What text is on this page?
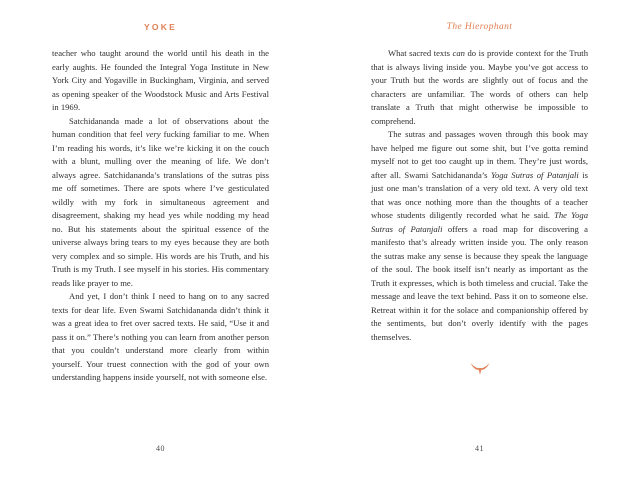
YOKE

teacher who taught around the world until his death in the early aughts. He founded the Integral Yoga Institute in New York City and Yogaville in Buckingham, Virginia, and served as opening speaker of the Woodstock Music and Arts Festival in 1969.

Satchidananda made a lot of observations about the human condition that feel very fucking familiar to me. When I’m reading his words, it’s like we’re kicking it on the couch with a blunt, mulling over the meaning of life. We don’t always agree. Satchidananda’s translations of the sutras piss me off sometimes. There are spots where I’ve gesticulated wildly with my fork in simultaneous agreement and disagreement, shaking my head yes while nodding my head no. But his statements about the spiritual essence of the universe always bring tears to my eyes because they are both very complex and so simple. His words are his Truth, and his Truth is my Truth. I see myself in his stories. His commentary reads like prayer to me.

And yet, I don’t think I need to hang on to any sacred texts for dear life. Even Swami Satchidananda didn’t think it was a great idea to fret over sacred texts. He said, “Use it and pass it on.” There’s nothing you can learn from another person that you couldn’t understand more clearly from within yourself. Your truest connection with the god of your own understanding happens inside yourself, not with someone else.

40
The Hierophant

What sacred texts can do is provide context for the Truth that is always living inside you. Maybe you’ve got access to your Truth but the words are slightly out of focus and the characters are unfamiliar. The words of others can help translate a Truth that might otherwise be impossible to comprehend.

The sutras and passages woven through this book may have helped me figure out some shit, but I’ve gotta remind myself not to get too caught up in them. They’re just words, after all. Swami Satchidananda’s Yoga Sutras of Patanjali is just one man’s translation of a very old text. A very old text that was once nothing more than the thoughts of a teacher whose students diligently recorded what he said. The Yoga Sutras of Patanjali offers a road map for discovering a manifesto that’s already written inside you. The only reason the sutras make any sense is because they speak the language of the soul. The book itself isn’t nearly as important as the Truth it expresses, which is both timeless and crucial. Take the message and leave the text behind. Pass it on to someone else. Retreat within it for the solace and companionship offered by the sentiments, but don’t overly identify with the pages themselves.

41
